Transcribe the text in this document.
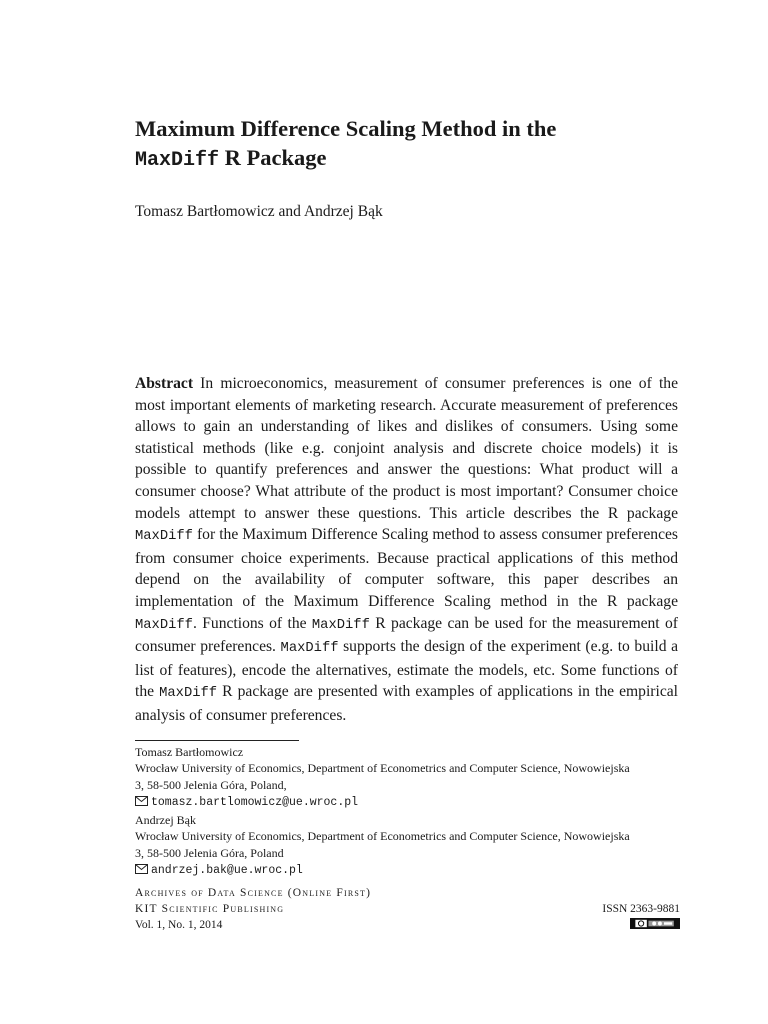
Maximum Difference Scaling Method in the
MaxDiff R Package
Tomasz Bartłomowicz and Andrzej Bąk

Abstract In microeconomics, measurement of consumer preferences is one of the most important elements of marketing research. Accurate measurement of preferences allows to gain an understanding of likes and dislikes of consumers. Using some statistical methods (like e.g. conjoint analysis and discrete choice models) it is possible to quantify preferences and answer the questions: What product will a consumer choose? What attribute of the product is most important? Consumer choice models attempt to answer these questions. This article describes the R package MaxDiff for the Maximum Difference Scaling method to assess consumer preferences from consumer choice experiments. Because practical applications of this method depend on the availability of computer software, this paper describes an implementation of the Maximum Difference Scaling method in the R package MaxDiff. Functions of the MaxDiff R package can be used for the measurement of consumer preferences. MaxDiff supports the design of the experiment (e.g. to build a list of features), encode the alternatives, estimate the models, etc. Some functions of the MaxDiff R package are presented with examples of applications in the empirical analysis of consumer preferences.

Tomasz Bartłomowicz
Wrocław University of Economics, Department of Econometrics and Computer Science, Nowowiejska
3, 58-500 Jelenia Góra, Poland,
tomasz.bartlomowicz@ue.wroc.pl
Andrzej Bąk
Wrocław University of Economics, Department of Econometrics and Computer Science, Nowowiejska
3, 58-500 Jelenia Góra, Poland
andrzej.bak@ue.wroc.pl
Archives of Data Science (Online First)
KIT Scientific Publishing
Vol. 1, No. 1, 2014
ISSN 2363-9881
